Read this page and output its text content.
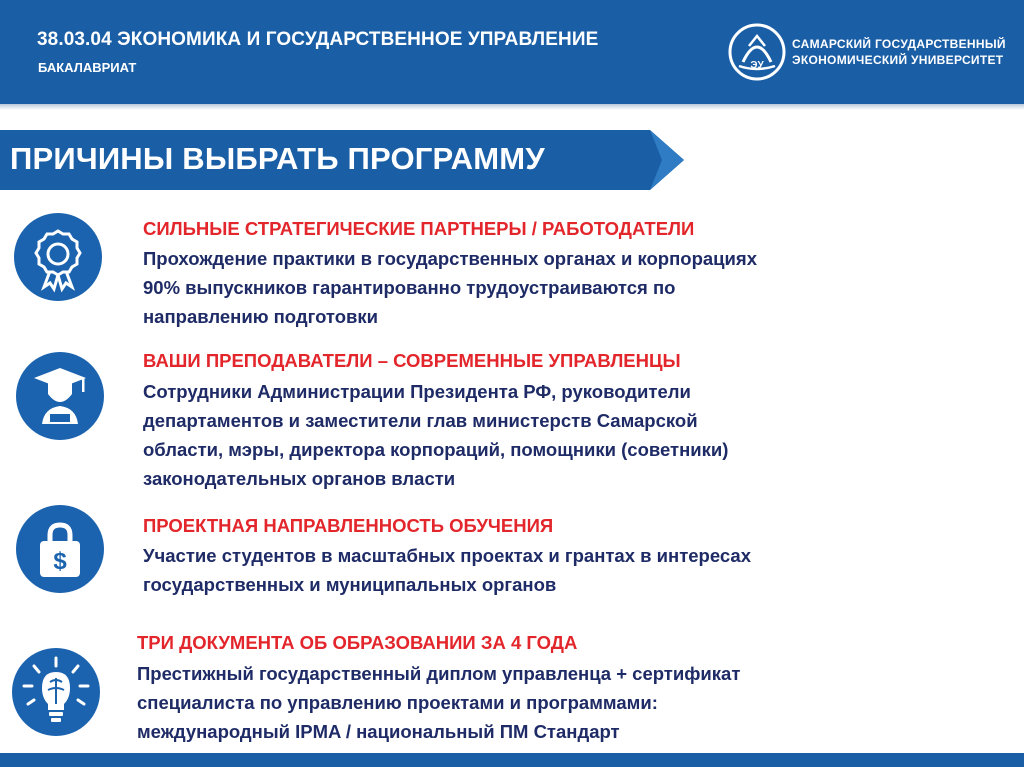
38.03.04 ЭКОНОМИКА И ГОСУДАРСТВЕННОЕ УПРАВЛЕНИЕ
БАКАЛАВРИАТ	ЭУ
САМАРСКИЙ ГОСУДАРСТВЕННЫЙ
ЭКОНОМИЧЕСКИЙ УНИВЕРСИТЕТ
ПРИЧИНЫ ВЫБРАТЬ ПРОГРАММУ
СИЛЬНЫЕ СТРАТЕГИЧЕСКИЕ ПАРТНЕРЫ / РАБОТОДАТЕЛИ
Прохождение практики в государственных органах и корпорациях
90% выпускников гарантированно трудоустраиваются по
направлению подготовки
ВАШИ ПРЕПОДАВАТЕЛИ – СОВРЕМЕННЫЕ УПРАВЛЕНЦЫ
Сотрудники Администрации Президента РФ, руководители
департаментов и заместители глав министерств Самарской
области, мэры, директора корпораций, помощники (советники)
законодательных органов власти
$
ПРОЕКТНАЯ НАПРАВЛЕННОСТЬ ОБУЧЕНИЯ
Участие студентов в масштабных проектах и грантах в интересах
государственных и муниципальных органов
ТРИ ДОКУМЕНТА ОБ ОБРАЗОВАНИИ ЗА 4 ГОДА
Престижный государственный диплом управленца + сертификат
специалиста по управлению проектами и программами:
международный IPMA / национальный ПМ Стандарт
